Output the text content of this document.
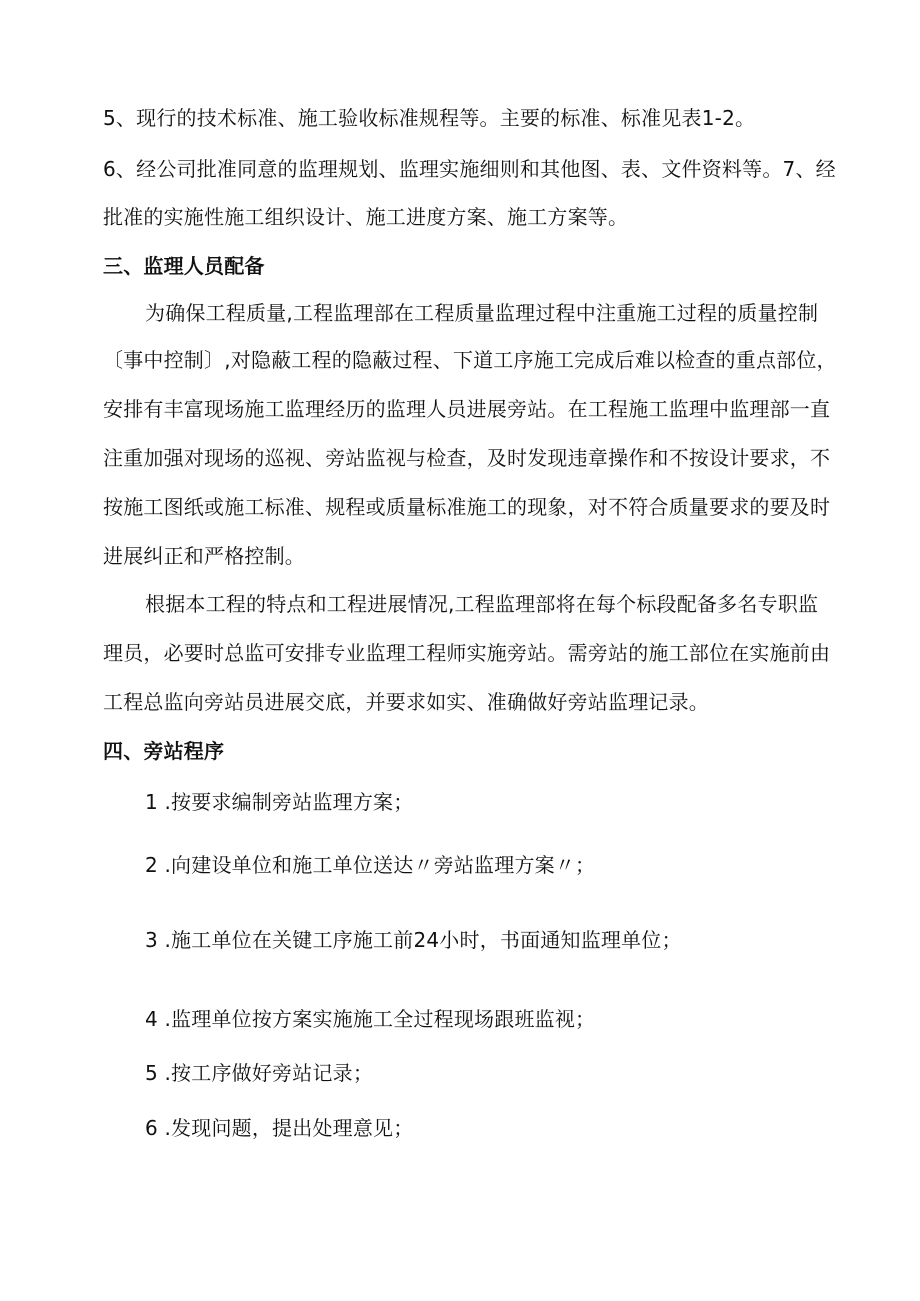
5、现行的技术标准、施工验收标准规程等。主要的标准、标准见表1-2。
6、经公司批准同意的监理规划、监理实施细则和其他图、表、文件资料等。7、经
批准的实施性施工组织设计、施工进度方案、施工方案等。
三、监理人员配备
为确保工程质量,工程监理部在工程质量监理过程中注重施工过程的质量控制
〔事中控制〕,对隐蔽工程的隐蔽过程、下道工序施工完成后难以检查的重点部位，
安排有丰富现场施工监理经历的监理人员进展旁站。在工程施工监理中监理部一直
注重加强对现场的巡视、旁站监视与检查，及时发现违章操作和不按设计要求，不
按施工图纸或施工标准、规程或质量标准施工的现象，对不符合质量要求的要及时
进展纠正和严格控制。
根据本工程的特点和工程进展情况,工程监理部将在每个标段配备多名专职监
理员，必要时总监可安排专业监理工程师实施旁站。需旁站的施工部位在实施前由
工程总监向旁站员进展交底，并要求如实、准确做好旁站监理记录。
四、旁站程序
1 .按要求编制旁站监理方案；
2 .向建设单位和施工单位送达〃旁站监理方案〃；
3 .施工单位在关键工序施工前24小时，书面通知监理单位；
4 .监理单位按方案实施施工全过程现场跟班监视；
5 .按工序做好旁站记录；
6 .发现问题，提出处理意见；
